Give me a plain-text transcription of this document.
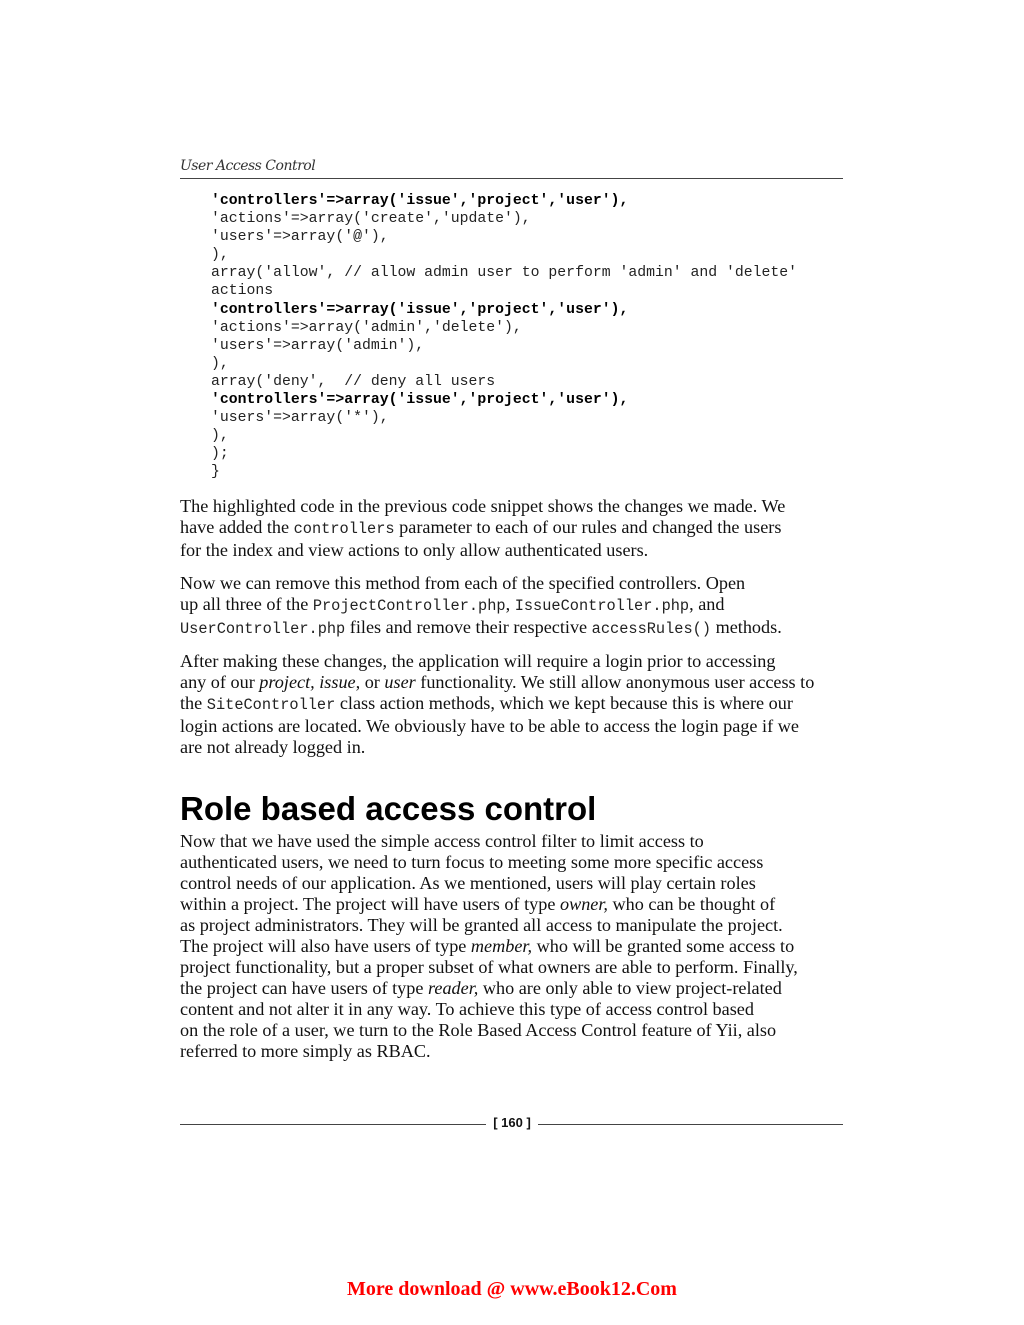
User Access Control
'controllers'=>array('issue','project','user'),
'actions'=>array('create','update'),
'users'=>array('@'),
),
array('allow', // allow admin user to perform 'admin' and 'delete'
actions
'controllers'=>array('issue','project','user'),
'actions'=>array('admin','delete'),
'users'=>array('admin'),
),
array('deny',  // deny all users
'controllers'=>array('issue','project','user'),
'users'=>array('*'),
),
);
}
The highlighted code in the previous code snippet shows the changes we made. We
have added the controllers parameter to each of our rules and changed the users
for the index and view actions to only allow authenticated users.
Now we can remove this method from each of the specified controllers. Open
up all three of the ProjectController.php, IssueController.php, and
UserController.php files and remove their respective accessRules() methods.
After making these changes, the application will require a login prior to accessing
any of our project, issue, or user functionality. We still allow anonymous user access to
the SiteController class action methods, which we kept because this is where our
login actions are located. We obviously have to be able to access the login page if we
are not already logged in.
Role based access control
Now that we have used the simple access control filter to limit access to
authenticated users, we need to turn focus to meeting some more specific access
control needs of our application. As we mentioned, users will play certain roles
within a project. The project will have users of type owner, who can be thought of
as project administrators. They will be granted all access to manipulate the project.
The project will also have users of type member, who will be granted some access to
project functionality, but a proper subset of what owners are able to perform. Finally,
the project can have users of type reader, who are only able to view project-related
content and not alter it in any way. To achieve this type of access control based
on the role of a user, we turn to the Role Based Access Control feature of Yii, also
referred to more simply as RBAC.
[ 160 ]
More download @ www.eBook12.Com
